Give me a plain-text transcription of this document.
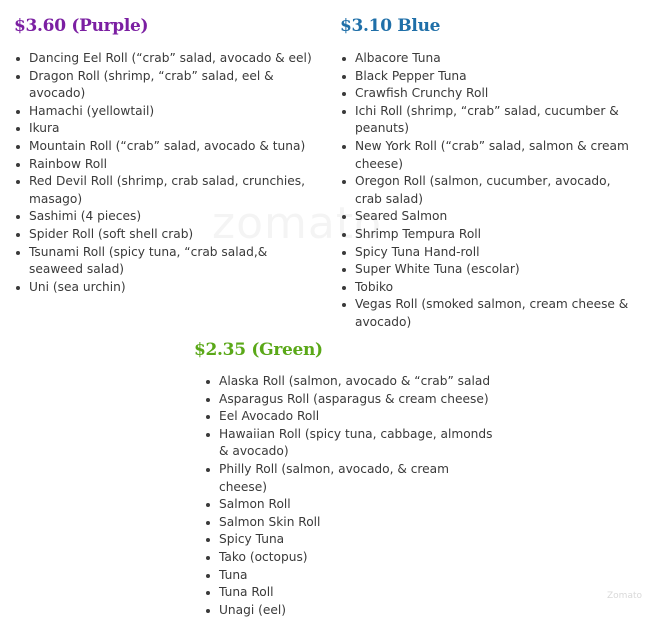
$3.60 (Purple)
Dancing Eel Roll (“crab” salad, avocado & eel)
Dragon Roll (shrimp, “crab” salad, eel & avocado)
Hamachi (yellowtail)
Ikura
Mountain Roll (“crab” salad, avocado & tuna)
Rainbow Roll
Red Devil Roll (shrimp, crab salad, crunchies, masago)
Sashimi (4 pieces)
Spider Roll (soft shell crab)
Tsunami Roll (spicy tuna, “crab salad,& seaweed salad)
Uni (sea urchin)
$3.10 Blue
Albacore Tuna
Black Pepper Tuna
Crawfish Crunchy Roll
Ichi Roll (shrimp, “crab” salad, cucumber & peanuts)
New York Roll (“crab” salad, salmon & cream cheese)
Oregon Roll (salmon, cucumber, avocado, crab salad)
Seared Salmon
Shrimp Tempura Roll
Spicy Tuna Hand-roll
Super White Tuna (escolar)
Tobiko
Vegas Roll (smoked salmon, cream cheese & avocado)
$2.35 (Green)
Alaska Roll (salmon, avocado & “crab” salad
Asparagus Roll (asparagus & cream cheese)
Eel Avocado Roll
Hawaiian Roll (spicy tuna, cabbage, almonds & avocado)
Philly Roll (salmon, avocado, & cream cheese)
Salmon Roll
Salmon Skin Roll
Spicy Tuna
Tako (octopus)
Tuna
Tuna Roll
Unagi (eel)
Zomato
